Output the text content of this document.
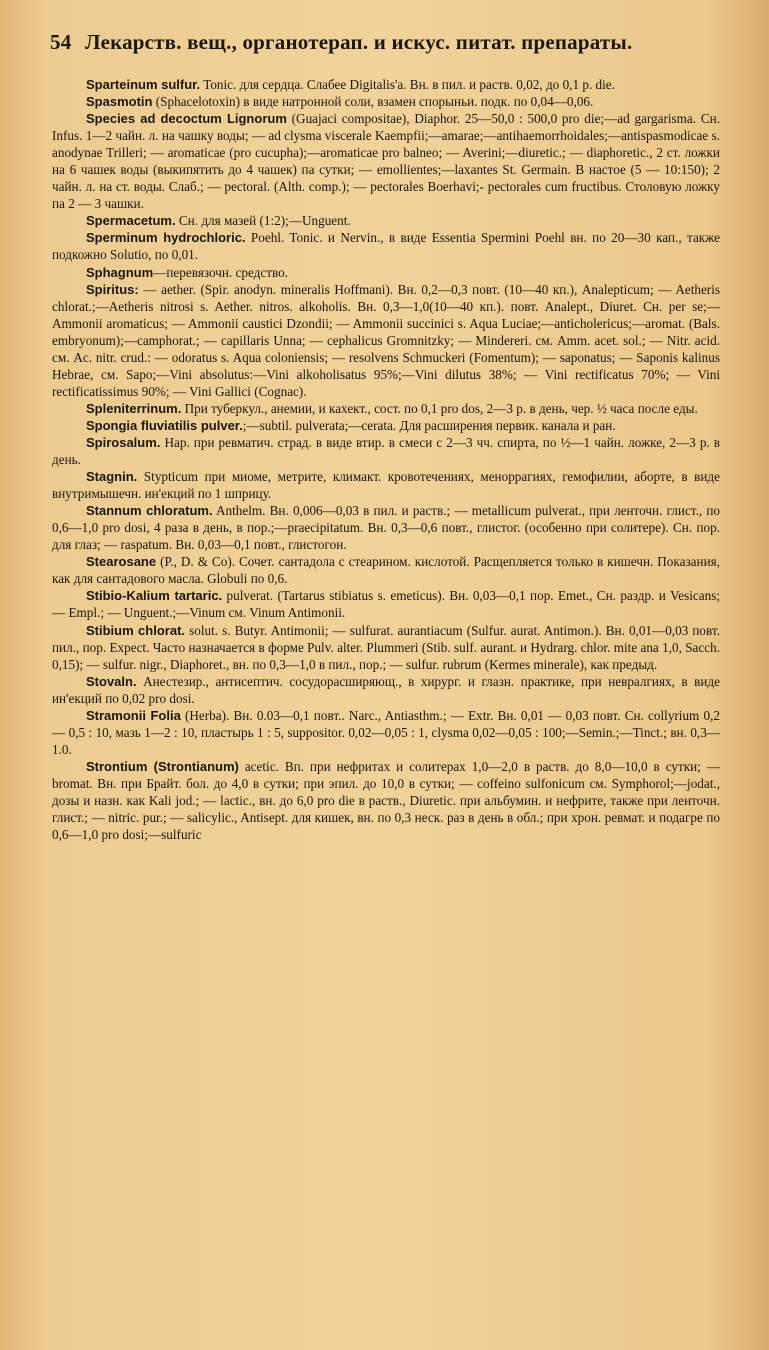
54 Лекарств. вещ., органотерап. и искус. питат. препараты.

Sparteinum sulfur. Tonic. для сердца. Слабее Digitalis'а. Вн. в пил. и раств. 0,02, до 0,1 р. die.

Spasmotin (Sphacelotoxin) в виде натронной соли, взамен спорыньи. подк. по 0,04—0,06.

Species ad decoctum Lignorum (Guajaci compositae), Diaphor. 25—50,0 : 500,0 pro die;—ad gargarisma. Сн. Infus. 1—2 чайн. л. на чашку воды; — ad clysma viscerale Kaempfii;—amarae;—antihaemorrhoidales;—antispasmodicae s. anodynae Trilleri; — aromaticae (pro cucupha);—aromaticae pro balneo; — Averini;—diuretic.; — diaphoretic., 2 ст. ложки на 6 чашек воды (выкипятить до 4 чашек) па сутки; — emollientes;—laxantes St. Germain. В настое (5 — 10:150); 2 чайн. л. на ст. воды. Слаб.; — pectoral. (Alth. comp.); — pectorales Boerhavi;- pectorales cum fructibus. Столовую ложку па 2 — 3 чашки.

Spermacetum. Сн. для мазей (1:2);—Unguent.

Sperminum hydrochloric. Poehl. Tonic. и Nervin., в виде Essentia Spermini Poehl вн. по 20—30 кап., также подкожно Solutio, по 0,01.

Sphagnum—перевязочн. средство.

Spiritus: — aether. (Spir. anodyn. mineralis Hoffmani). Вн. 0,2—0,3 повт. (10—40 кп.), Analepticum; — Aetheris chlorat.;—Aetheris nitrosi s. Aether. nitros. alkoholis. Вн. 0,3—1,0(10—40 кп.). повт. Analept., Diuret. Сн. per se;—Ammonii aromaticus; — Ammonii caustici Dzondii; — Ammonii succinici s. Aqua Luciae;—anticholericus;—aromat. (Bals. embryonum);—camphorat.; — capillaris Unna; — cephalicus Gromnitzky; — Mindereri. см. Amm. acet. sol.; — Nitr. acid. см. Ac. nitr. crud.: — odoratus s. Aqua coloniensis; — resolvens Schmuckeri (Fomentum); — saponatus; — Saponis kalinus Hebrae, см. Sapo;—Vini absolutus:—Vini alkoholisatus 95%;—Vini dilutus 38%; — Vini rectificatus 70%; — Vini rectificatissimus 90%; — Vini Gallici (Cognac).

Spleniterrinum. При туберкул., анемии, и кахект., сост. по 0,1 pro dos, 2—3 р. в день, чер. ½ часа после еды.

Spongia fluviatilis pulver.;—subtil. pulverata;—cerata. Для расширения первик. канала и ран.

Spirosalum. Нар. при ревматич. страд. в виде втир. в смеси с 2—3 чч. спирта, по ½—1 чайн. ложке, 2—3 р. в день.

Stagnin. Stypticum при миоме, метрите, климакт. кровотечениях, меноррагиях, гемофилии, аборте, в виде внутримышечн. ин'екций по 1 шприцу.

Stannum chloratum. Anthelm. Вн. 0,006—0,03 в пил. и раств.; — metallicum pulverat., при ленточн. глист., по 0,6—1,0 pro dosi, 4 раза в день, в пор.;—praecipitatum. Вн. 0,3—0,6 повт., глистог. (особенно при солитере). Сн. пор. для глаз; — raspatum. Вн. 0,03—0,1 повт., глистогон.

Stearosane (P., D. & Co). Сочет. сантадола с стеарином. кислотой. Расщепляется только в кишечн. Показания, как для сантадового масла. Globuli по 0,6.

Stibio-Kalium tartaric. pulverat. (Tartarus stibiatus s. emeticus). Вн. 0,03—0,1 пор. Emet., Сн. раздр. и Vesicans; — Empl.; — Unguent.;—Vinum см. Vinum Antimonii.

Stibium chlorat. solut. s. Butyr. Antimonii; — sulfurat. aurantiacum (Sulfur. aurat. Antimon.). Вн. 0,01—0,03 повт. пил., пор. Expect. Часто назначается в форме Pulv. alter. Plummeri (Stib. sulf. aurant. и Hydrarg. chlor. mite ana 1,0, Sacch. 0,15); — sulfur. nigr., Diaphoret., вн. по 0,3—1,0 в пил., пор.; — sulfur. rubrum (Kermes minerale), как предыд.

Stovaln. Анестезир., антисептич. сосудорасширяющ., в хирург. и глазн. практике, при невралгиях, в виде ин'екций по 0,02 pro dosi.

Stramonii Folia (Herba). Вн. 0.03—0,1 повт.. Narc., Antiasthm.; — Extr. Вн. 0,01 — 0,03 повт. Сн. collyrium 0,2 — 0,5 : 10, мазь 1—2 : 10, пластырь 1 : 5, suppositor. 0,02—0,05 : 1, clysma 0,02—0,05 : 100;—Semin.;—Tinct.; вн. 0,3—1.0.

Strontium (Strontianum) acetic. Вп. при нефритах и солитерах 1,0—2,0 в раств. до 8,0—10,0 в сутки; — bromat. Вн. при Брайт. бол. до 4,0 в сутки; при эпил. до 10,0 в сутки; — coffeino sulfonicum см. Symphorol;—jodat., дозы и назн. как Kali jod.; — lactic., вн. до 6,0 pro die в раств., Diuretic. при альбумин. и нефрите, также при ленточн. глист.; — nitric. pur.; — salicylic., Antisept. для кишек, вн. по 0,3 неск. раз в день в обл.; при хрон. ревмат. и подагре по 0,6—1,0 pro dosi;—sulfuric
